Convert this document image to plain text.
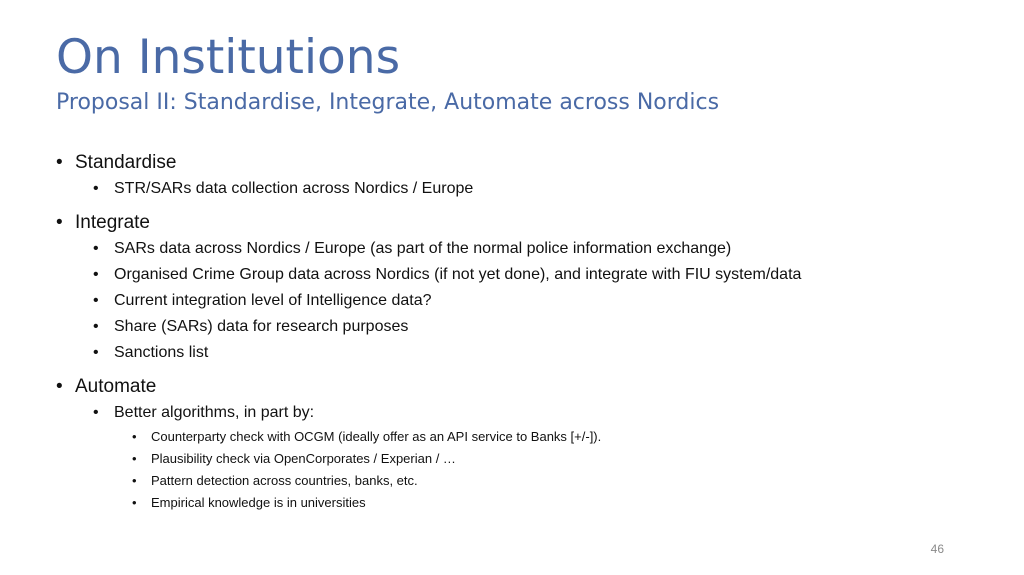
On Institutions
Proposal II: Standardise, Integrate, Automate across Nordics
• Standardise
• STR/SARs data collection across Nordics / Europe
• Integrate
• SARs data across Nordics / Europe (as part of the normal police information exchange)
• Organised Crime Group data across Nordics (if not yet done), and integrate with FIU system/data
• Current integration level of Intelligence data?
• Share (SARs) data for research purposes
• Sanctions list
• Automate
• Better algorithms, in part by:
• Counterparty check with OCGM (ideally offer as an API service to Banks [+/-]).
• Plausibility check via OpenCorporates / Experian / …
• Pattern detection across countries, banks, etc.
• Empirical knowledge is in universities
46
